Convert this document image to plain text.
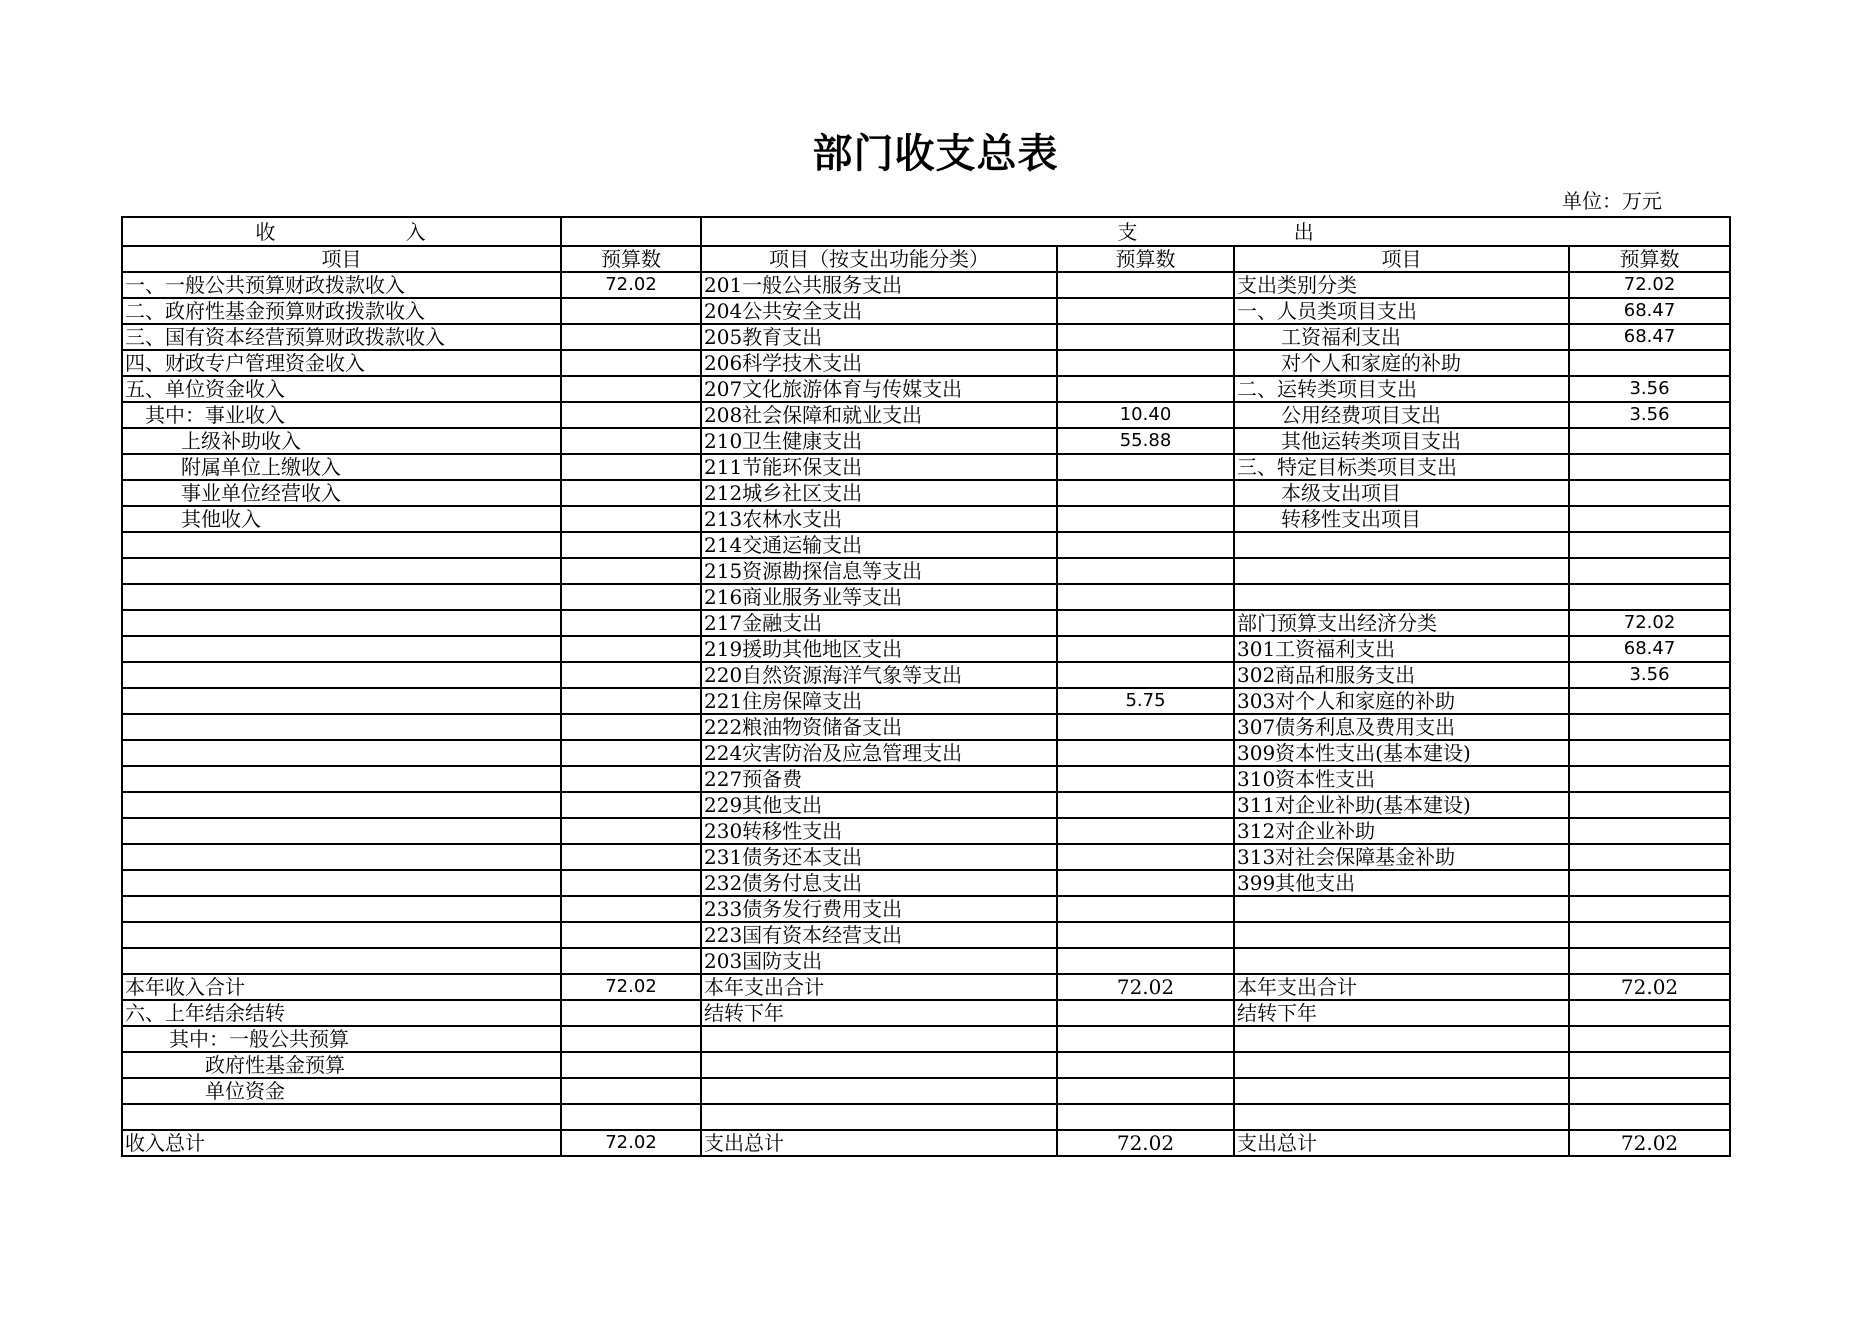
部门收支总表
单位：万元
收 入		支 出			
项目	预算数	项目（按支出功能分类）	预算数	项目	预算数
一、一般公共预算财政拨款收入	72.02	201一般公共服务支出		支出类别分类	72.02
二、政府性基金预算财政拨款收入		204公共安全支出		一、人员类项目支出	68.47
三、国有资本经营预算财政拨款收入		205教育支出		工资福利支出	68.47
四、财政专户管理资金收入		206科学技术支出		对个人和家庭的补助	
五、单位资金收入		207文化旅游体育与传媒支出		二、运转类项目支出	3.56
其中：事业收入		208社会保障和就业支出	10.40	公用经费项目支出	3.56
上级补助收入		210卫生健康支出	55.88	其他运转类项目支出	
附属单位上缴收入		211节能环保支出		三、特定目标类项目支出	
事业单位经营收入		212城乡社区支出		本级支出项目	
其他收入		213农林水支出		转移性支出项目	
		214交通运输支出			
		215资源勘探信息等支出			
		216商业服务业等支出			
		217金融支出		部门预算支出经济分类	72.02
		219援助其他地区支出		301工资福利支出	68.47
		220自然资源海洋气象等支出		302商品和服务支出	3.56
		221住房保障支出	5.75	303对个人和家庭的补助	
		222粮油物资储备支出		307债务利息及费用支出	
		224灾害防治及应急管理支出		309资本性支出(基本建设)	
		227预备费		310资本性支出	
		229其他支出		311对企业补助(基本建设)	
		230转移性支出		312对企业补助	
		231债务还本支出		313对社会保障基金补助	
		232债务付息支出		399其他支出	
		233债务发行费用支出			
		223国有资本经营支出			
		203国防支出			
本年收入合计	72.02	本年支出合计	72.02	本年支出合计	72.02
六、上年结余结转		结转下年		结转下年	
其中：一般公共预算					
政府性基金预算					
单位资金					

收入总计	72.02	支出总计	72.02	支出总计	72.02
